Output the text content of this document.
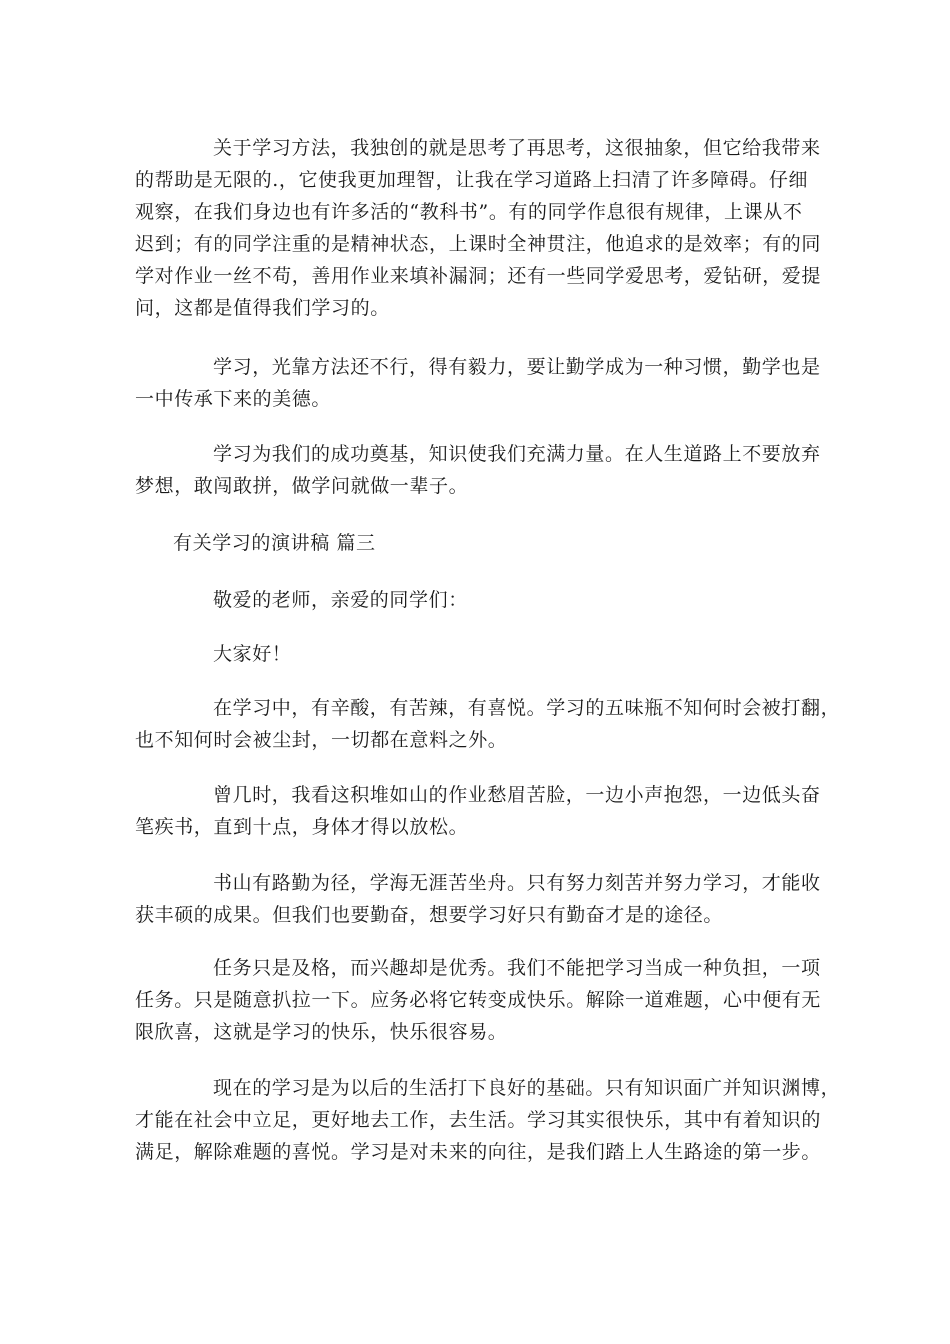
关于学习方法，我独创的就是思考了再思考，这很抽象，但它给我带来
的帮助是无限的.，它使我更加理智，让我在学习道路上扫清了许多障碍。仔细
观察，在我们身边也有许多活的“教科书”。有的同学作息很有规律，上课从不
迟到；有的同学注重的是精神状态，上课时全神贯注，他追求的是效率；有的同
学对作业一丝不苟，善用作业来填补漏洞；还有一些同学爱思考，爱钻研，爱提
问，这都是值得我们学习的。
学习，光靠方法还不行，得有毅力，要让勤学成为一种习惯，勤学也是
一中传承下来的美德。
学习为我们的成功奠基，知识使我们充满力量。在人生道路上不要放弃
梦想，敢闯敢拼，做学问就做一辈子。
有关学习的演讲稿 篇三
敬爱的老师，亲爱的同学们：
大家好！
在学习中，有辛酸，有苦辣，有喜悦。学习的五味瓶不知何时会被打翻，
也不知何时会被尘封，一切都在意料之外。
曾几时，我看这积堆如山的作业愁眉苦脸，一边小声抱怨，一边低头奋
笔疾书，直到十点，身体才得以放松。
书山有路勤为径，学海无涯苦坐舟。只有努力刻苦并努力学习，才能收
获丰硕的成果。但我们也要勤奋，想要学习好只有勤奋才是的途径。
任务只是及格，而兴趣却是优秀。我们不能把学习当成一种负担，一项
任务。只是随意扒拉一下。应务必将它转变成快乐。解除一道难题，心中便有无
限欣喜，这就是学习的快乐，快乐很容易。
现在的学习是为以后的生活打下良好的基础。只有知识面广并知识渊博，
才能在社会中立足，更好地去工作，去生活。学习其实很快乐，其中有着知识的
满足，解除难题的喜悦。学习是对未来的向往，是我们踏上人生路途的第一步。
